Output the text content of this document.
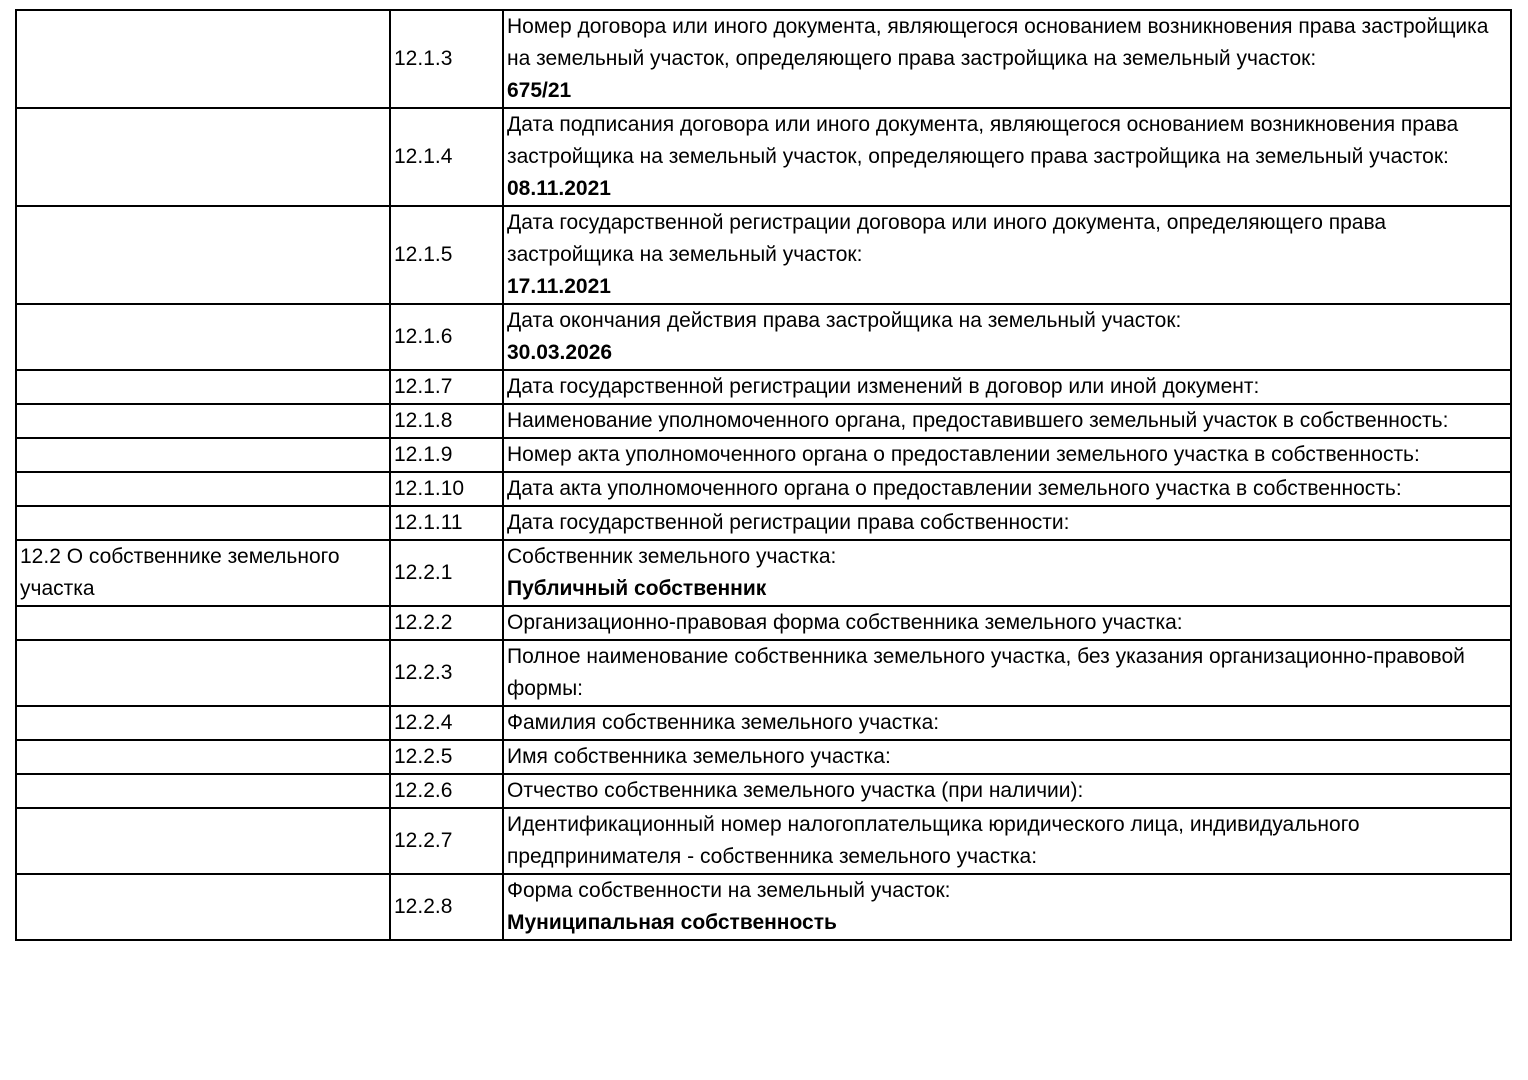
	12.1.3	Номер договора или иного документа, являющегося основанием возникновения права застройщика на земельный участок, определяющего права застройщика на земельный участок:
675/21

	12.1.4	Дата подписания договора или иного документа, являющегося основанием возникновения права застройщика на земельный участок, определяющего права застройщика на земельный участок:
08.11.2021

	12.1.5	Дата государственной регистрации договора или иного документа, определяющего права застройщика на земельный участок:
17.11.2021

	12.1.6	Дата окончания действия права застройщика на земельный участок:
30.03.2026

	12.1.7	Дата государственной регистрации изменений в договор или иной документ:
	12.1.8	Наименование уполномоченного органа, предоставившего земельный участок в собственность:
	12.1.9	Номер акта уполномоченного органа о предоставлении земельного участка в собственность:
	12.1.10	Дата акта уполномоченного органа о предоставлении земельного участка в собственность:
	12.1.11	Дата государственной регистрации права собственности:
12.2 О собственнике земельного участка	12.2.1	Собственник земельного участка:
Публичный собственник

	12.2.2	Организационно-правовая форма собственника земельного участка:
	12.2.3	Полное наименование собственника земельного участка, без указания организационно-правовой формы:
	12.2.4	Фамилия собственника земельного участка:
	12.2.5	Имя собственника земельного участка:
	12.2.6	Отчество собственника земельного участка (при наличии):
	12.2.7	Идентификационный номер налогоплательщика юридического лица, индивидуального предпринимателя - собственника земельного участка:
	12.2.8	Форма собственности на земельный участок:
Муниципальная собственность
